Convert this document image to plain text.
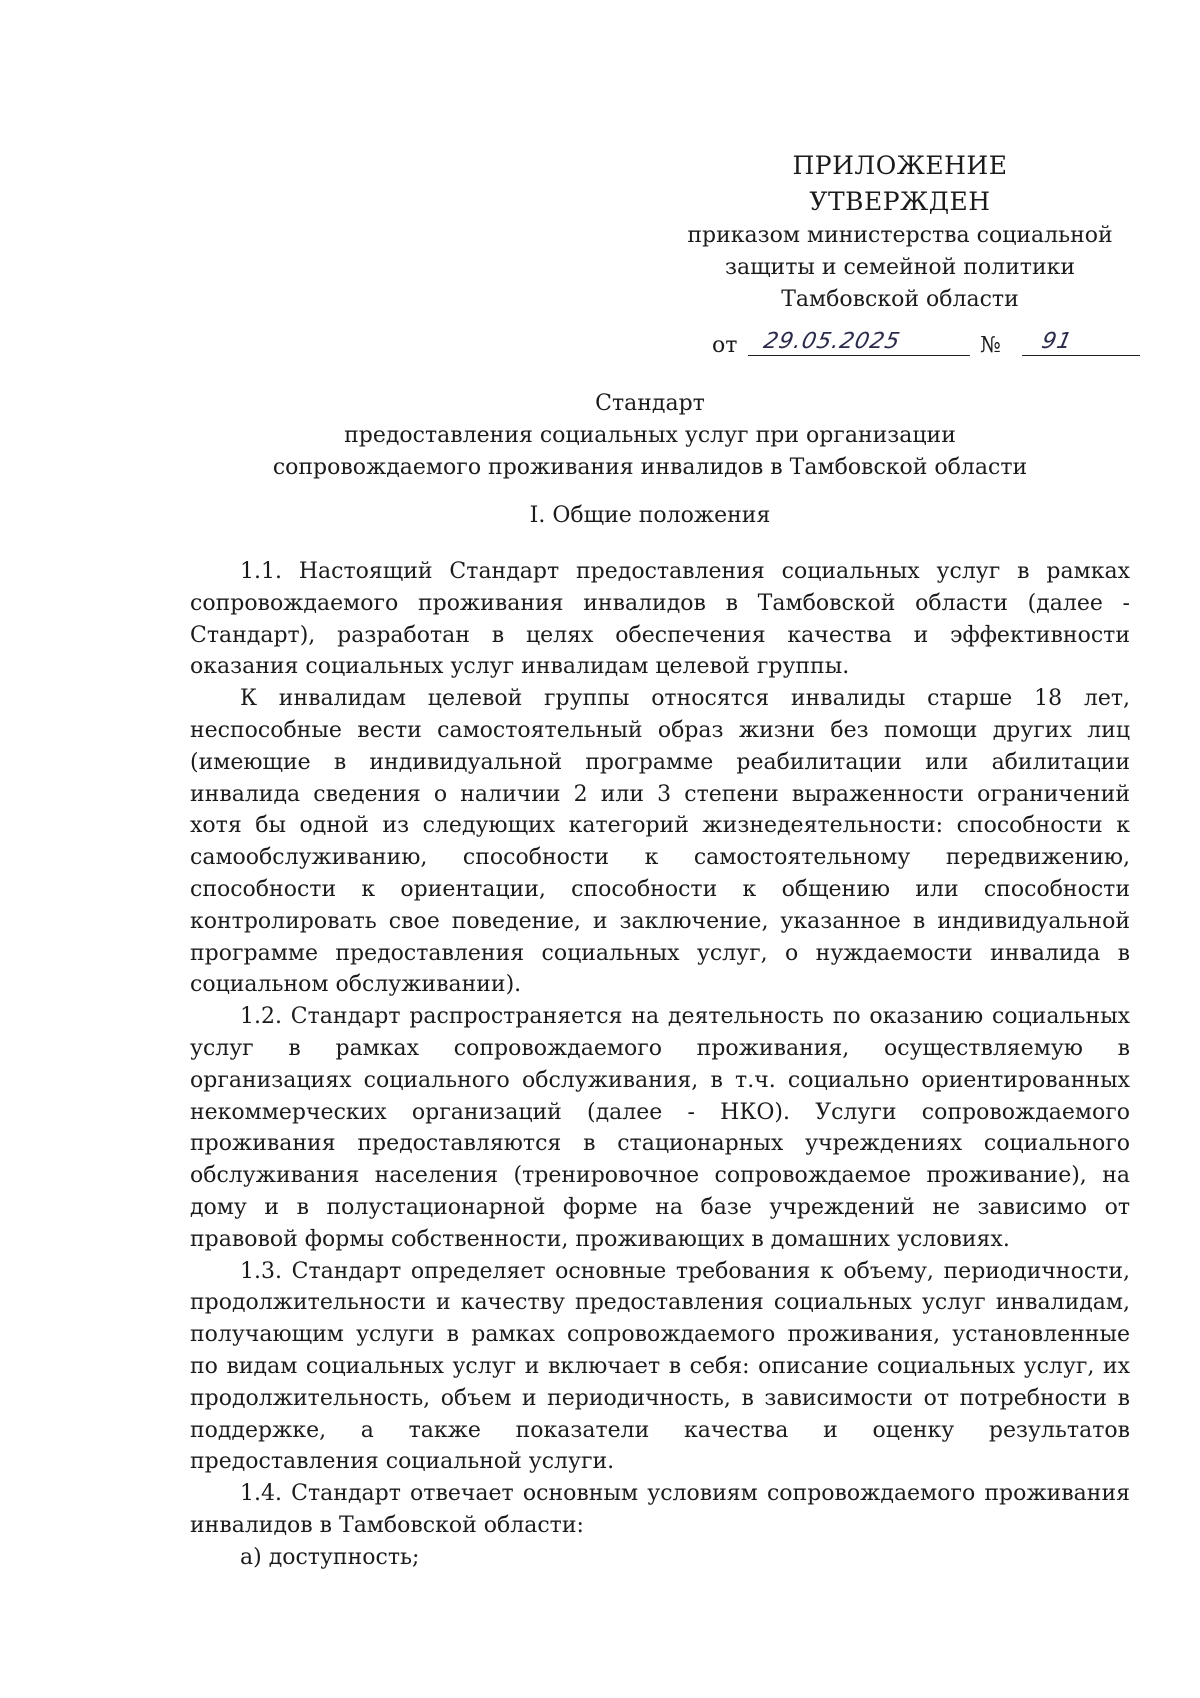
ПРИЛОЖЕНИЕ
УТВЕРЖДЕН
приказом министерства социальной
защиты и семейной политики
Тамбовской области
от 29.05.2025	№ 91
Стандарт
предоставления социальных услуг при организации
сопровождаемого проживания инвалидов в Тамбовской области
I. Общие положения

1.1. Настоящий Стандарт предоставления социальных услуг в рамках сопровождаемого проживания инвалидов в Тамбовской области (далее - Стандарт), разработан в целях обеспечения качества и эффективности оказания социальных услуг инвалидам целевой группы.

К инвалидам целевой группы относятся инвалиды старше 18 лет, неспособные вести самостоятельный образ жизни без помощи других лиц (имеющие в индивидуальной программе реабилитации или абилитации инвалида сведения о наличии 2 или 3 степени выраженности ограничений хотя бы одной из следующих категорий жизнедеятельности: способности к самообслуживанию, способности к самостоятельному передвижению, способности к ориентации, способности к общению или способности контролировать свое поведение, и заключение, указанное в индивидуальной программе предоставления социальных услуг, о нуждаемости инвалида в социальном обслуживании).

1.2. Стандарт распространяется на деятельность по оказанию социальных услуг в рамках сопровождаемого проживания, осуществляемую в организациях социального обслуживания, в т.ч. социально ориентированных некоммерческих организаций (далее - НКО). Услуги сопровождаемого проживания предоставляются в стационарных учреждениях социального обслуживания населения (тренировочное сопровождаемое проживание), на дому и в полустационарной форме на базе учреждений не зависимо от правовой формы собственности, проживающих в домашних условиях.

1.3. Стандарт определяет основные требования к объему, периодичности, продолжительности и качеству предоставления социальных услуг инвалидам, получающим услуги в рамках сопровождаемого проживания, установленные по видам социальных услуг и включает в себя: описание социальных услуг, их продолжительность, объем и периодичность, в зависимости от потребности в поддержке, а также показатели качества и оценку результатов предоставления социальной услуги.

1.4. Стандарт отвечает основным условиям сопровождаемого проживания инвалидов в Тамбовской области:

а) доступность;
